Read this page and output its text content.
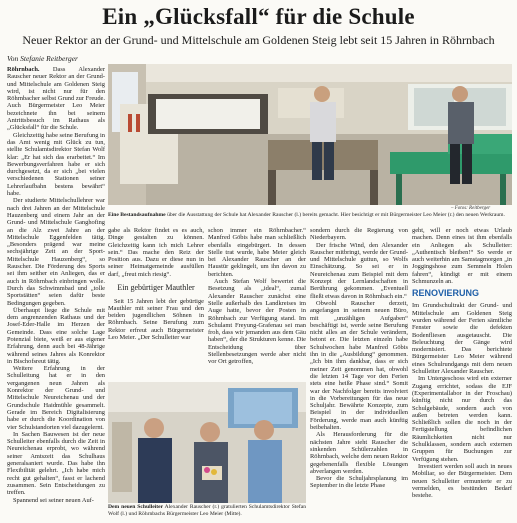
Ein „Glücksfall“ für die Schule
Neuer Rektor an der Grund- und Mittelschule am Goldenen Steig lebt seit 15 Jahren in Röhrnbach
Von Stefanie Reitberger

Röhrnbach. Dass Alexander Rauscher neuer Rektor an der Grund- und Mittelschule am Goldenen Steig wird, ist nicht nur für den Röhrnbacher selbst Grund zur Freude. Auch Bürgermeister Leo Meier bezeichnete ihn bei seinem Antrittsbesuch im Rathaus als „Glücksfall“ für die Schule.

Gleichzeitig habe seine Berufung in das Amt wenig mit Glück zu tun, stellte Schulamtsdirektor Stefan Wolf klar: „Er hat sich das erarbeitet.“ Im Bewerbungsverfahren habe er sich durchgesetzt, da er sich „bei vielen verschiedenen Stationen seiner Lehrerlaufbahn bestens bewährt“ habe.

Der studierte Mittelschullehrer war nach drei Jahren an der Mittelschule Hauzenberg und einem Jahr an der Grund- und Mittelschule Ganghofing an die Alz zwei Jahre an der Mittelschule Eggenfelden tätig. „Besonders prägend war meine sechsjährige Zeit an der Sport-Mittelschule Hauzenberg“, so Rauscher. Die Förderung des Sports sei ihm seither ein Anliegen, das er auch in Röhrnbach einbringen wolle. Durch das Schwimmbad und „tolle Sportstätten“ seien dafür beste Bedingungen gegeben.

Überhaupt liege die Schule mit dem angrenzenden Rathaus und der Josef-Eder-Halle im Herzen der Gemeinde. Dass eine solche Lage Potenzial biete, weiß er aus eigener Erfahrung, denn auch bei 48-Jährige während seines Jahres als Konrektor in Bischofsreut tätig.

Weitere Erfahrung in der Schulleitung hat er in den vergangenen neun Jahren als Konrektor der Grund- und Mittelschule Neureichenau und der Grundschule Haidmühle gesammelt. Gerade im Bereich Digitalisierung habe er durch die Koordination von vier Schulstandorten viel dazugelernt.

In Sachen Bauwesen ist der neue Schulleiter ebenfalls durch die Zeit in Neureichenau erprobt, wo während seiner Amtszeit das Schulhaus generalsaniert wurde. Das habe ihn Flexibilität gelehrt. „Ich habe mich recht gut gehalten“, fasst er lachend zusammen. Sein Entscheidungen zu treffen.

Spannend sei seiner neuen Auf-

– Fotos: Reitberger
Eine Bestandsaufnahme über die Ausstattung der Schule hat Alexander Rauscher (l.) bereits gemacht. Hier besichtigt er mit Bürgermeister Leo Meier (r.) den neuen Werkraum.

gabe als Rektor findet es es auch, Dinge gestalten zu können. Gleichzeitig kann ich mich Lehrer sein.“ Das mache den Reiz der Position aus. Dazu er diese nun in seiner Heimatgemeinde ausfüllen darf, „freut mich riesig“.

Ein gebürtiger Mauthler

Seit 15 Jahren lebt der gebürtige Mauthler mit seiner Frau und den beiden jugendlichen Söhnen in Röhrnbach. Seine Berufung zum Rektor erfreut auch Bürgermeister Leo Meier. „Der Schulleiter war

schon immer ein Röhrnbacher.“ Manfred Göbis habe man schließlich ebenfalls eingebürgert. In dessen Stelle trat wurde, habe Meier gleich bei Alexander Rauscher an der Haustür geklingelt, um ihn davon zu berichten.

Auch Stefan Wolf bewertet die Besetzung als „ideal“, zumal Alexander Rauscher zunächst eine Stelle außerhalb des Landkreises im Auge hatte, bevor der Posten in Röhrnbach zur Verfügung stand. Im Schulamt Freyung-Grafenau sei man froh, dass wir jemanden aus dem Gäu haben“, der die Strukturen kenne. Die Entscheidung über Stellenbesetzungen werde aber nicht vor Ort getroffen,

Dem neuen Schulleiter Alexander Rauscher (r.) gratulierten Schulamtsdirektor Stefan Wolf (l.) und Röhrnbachs Bürgermeister Leo Meier (Mitte).

sondern durch die Regierung von Niederbayern.

Der frische Wind, den Alexander Rauscher mitbringt, werde der Grund- und Mittelschule guttun, so Wolfs Einschätzung. So sei er in Neureichenau zum Beispiel mit dem Konzept der Lernlandschaften in Berührung gekommen. „Eventuell fließt etwas davon in Röhrnbach ein.“

Obwohl Rauscher derzeit, angefangen in seinem neuen Büro, mit „unzähligen Aufgaben“ beschäftigt ist, werde seine Berufung nicht alles an der Schule verändern, betont er. Die letzten einzeln habe Schulwochen habe Manfred Göbis ihn in die „Ausbildung“ genommen. „Ich bin ihm dankbar, dass er sich meiner Zeit genommen hat, obwohl die letzten 14 Tage vor den Ferien stets eine heiße Phase sind.“ Somit war der Nachfolger bereits involviert in die Vorbereitungen für das neue Schuljahr. Bewährte Konzepte, zum Beispiel in der individuellen Förderung, werde man auch künftig beibehalten.

Als Herausforderung für die nächsten Jahre sieht Rauscher die sinkenden Schülerzahlen in Röhrnbach, welche dem neuen Rektor gegebenenfalls flexible Lösungen abverlangen werden.

Bevor die Schuljahrsplanung im September in die letzte Phase

geht, will er noch etwas Urlaub machen. Denn eines ist ihm ebenfalls ein Anliegen als Schulleiter: „Authentisch bleiben!“ So werde er auch weiterhin am Samstagmorgen „in Joggingshose zum Semmeln Holen fahren“, kündigt er mit einem Schmunzeln an.

RENOVIERUNG

Im Grundschultrakt der Grund- und Mittelschule am Goldenen Steig wurden während der Ferien sämtliche Fenster sowie die defekten Bodenfliesen ausgetauscht. Die Beleuchtung der Gänge wird modernisiert. Das berichtete Bürgermeister Leo Meier während eines Schulrundgangs mit dem neuen Schulleiter Alexander Rauscher.

Im Untergeschoss wird ein externer Zugang errichtet, sodass die EJF (Experimentallabor in der Froschau) künftig nicht nur durch das Schulgebäude, sondern auch von außen betreten werden kann. Schließlich sollen die noch in der Fertigstellung befindlichen Räumlichkeiten nicht nur Schulklassen, sondern auch externen Gruppen für Buchungen zur Verfügung stehen.

Investiert werden soll auch in neues Mobiliar, so der Bürgermeister. Dem neuen Schulleiter ermunterte er zu vermelden, es bestünden Bedarf bestehe.
